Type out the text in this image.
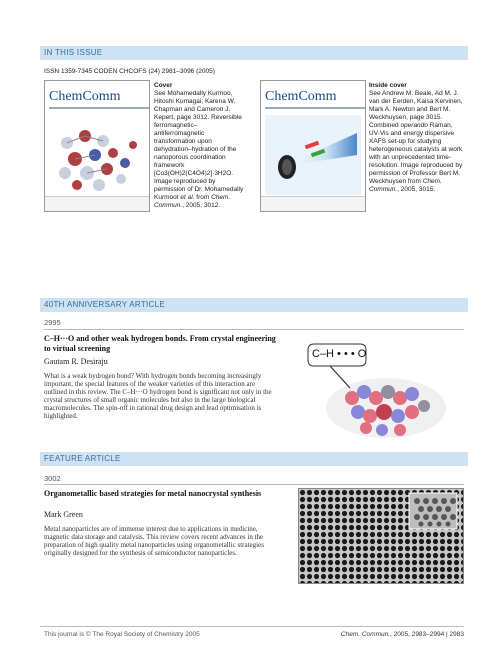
IN THIS ISSUE
ISSN 1359-7345 CODEN CHCOFS (24) 2981–3096 (2005)
ChemComm
Cover
See Mohamedally Kurmoo, Hitoshi Kumagai, Karena W. Chapman and Cameron J. Kepert, page 3012. Reversible ferromagnetic–antiferromagnetic transformation upon dehydration–hydration of the nanoporous coordination framework [Co3(OH)2(C4O4)2]·3H2O. Image reproduced by permission of Dr. Mohamedally Kurmoot et al. from Chem. Commun., 2005, 3012.
ChemComm
Inside cover
See Andrew M. Beale, Ad M. J. van der Eerden, Kaisa Kervinen, Mark A. Newton and Bert M. Weckhuysen, page 3015. Combined operando Raman, UV-Vis and energy dispersive XAFS set-up for studying heterogeneous catalysts at work with an unprecedented time-resolution. Image reproduced by permission of Professor Bert M. Weckhuysen from Chem. Commun., 2005, 3015.
40TH ANNIVERSARY ARTICLE
2995
C–H···O and other weak hydrogen bonds. From crystal engineering to virtual screening
Gautam R. Desiraju
What is a weak hydrogen bond? With hydrogen bonds becoming increasingly important, the special features of the weaker varieties of this interaction are outlined in this review. The C–H···O hydrogen bond is significant not only in the crystal structures of small organic molecules but also in the large biological macromolecules. The spin-off in rational drug design and lead optimisation is highlighted.
C–H • • • O
FEATURE ARTICLE
3002
Organometallic based strategies for metal nanocrystal synthesis
Mark Green
Metal nanoparticles are of immense interest due to applications in medicine, magnetic data storage and catalysis. This review covers recent advances in the preparation of high quality metal nanoparticles using organometallic strategies originally designed for the synthesis of semiconductor nanoparticles.
This journal is © The Royal Society of Chemistry 2005	Chem. Commun., 2005, 2983–2994 | 2983
